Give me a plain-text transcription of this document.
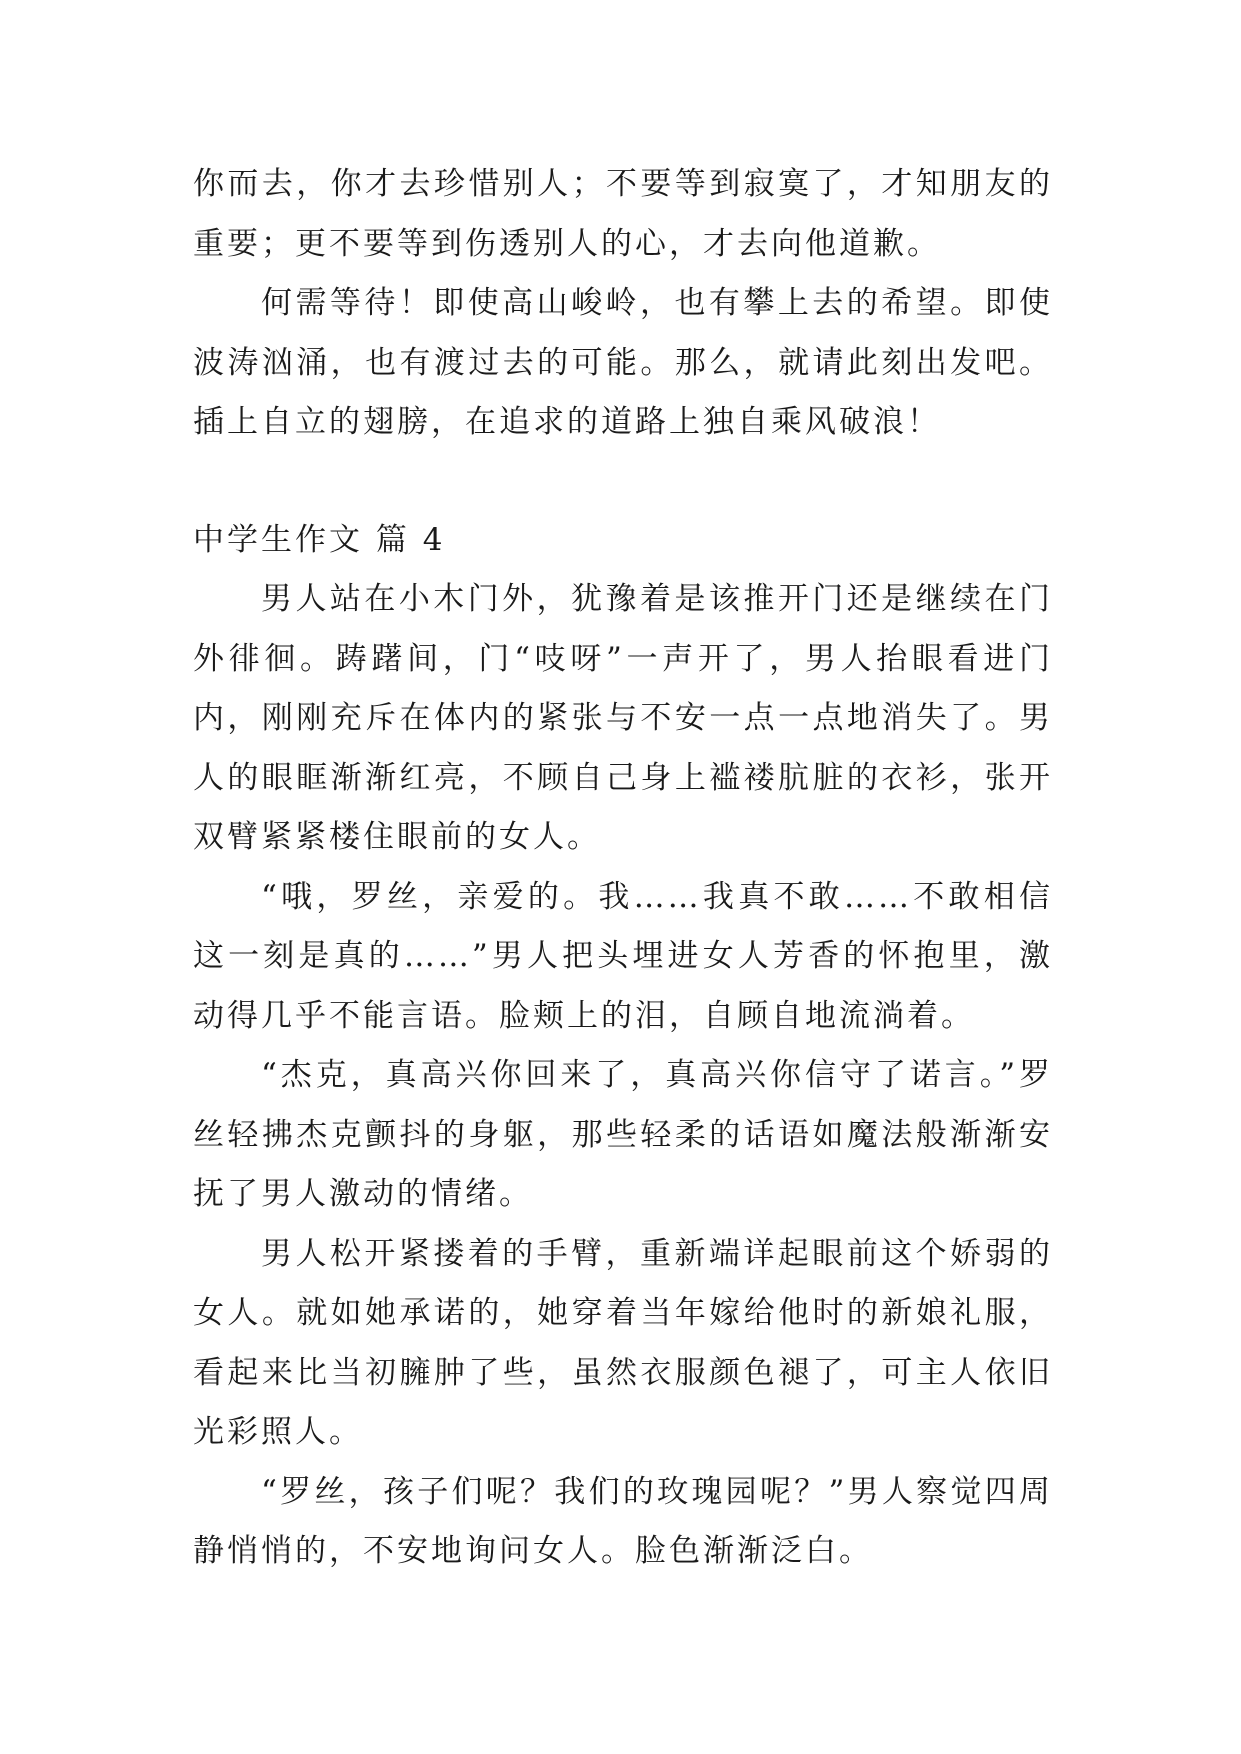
你而去，你才去珍惜别人；不要等到寂寞了，才知朋友的重要；更不要等到伤透别人的心，才去向他道歉。

何需等待！即使高山峻岭，也有攀上去的希望。即使波涛汹涌，也有渡过去的可能。那么，就请此刻出发吧。插上自立的翅膀，在追求的道路上独自乘风破浪！

中学生作文 篇 4

男人站在小木门外，犹豫着是该推开门还是继续在门外徘徊。踌躇间，门“吱呀”一声开了，男人抬眼看进门内，刚刚充斥在体内的紧张与不安一点一点地消失了。男人的眼眶渐渐红亮，不顾自己身上褴褛肮脏的衣衫，张开双臂紧紧楼住眼前的女人。

“哦，罗丝，亲爱的。我……我真不敢……不敢相信这一刻是真的……”男人把头埋进女人芳香的怀抱里，激动得几乎不能言语。脸颊上的泪，自顾自地流淌着。

“杰克，真高兴你回来了，真高兴你信守了诺言。”罗丝轻拂杰克颤抖的身躯，那些轻柔的话语如魔法般渐渐安抚了男人激动的情绪。

男人松开紧搂着的手臂，重新端详起眼前这个娇弱的女人。就如她承诺的，她穿着当年嫁给他时的新娘礼服，看起来比当初臃肿了些，虽然衣服颜色褪了，可主人依旧光彩照人。

“罗丝，孩子们呢？我们的玫瑰园呢？”男人察觉四周静悄悄的，不安地询问女人。脸色渐渐泛白。
